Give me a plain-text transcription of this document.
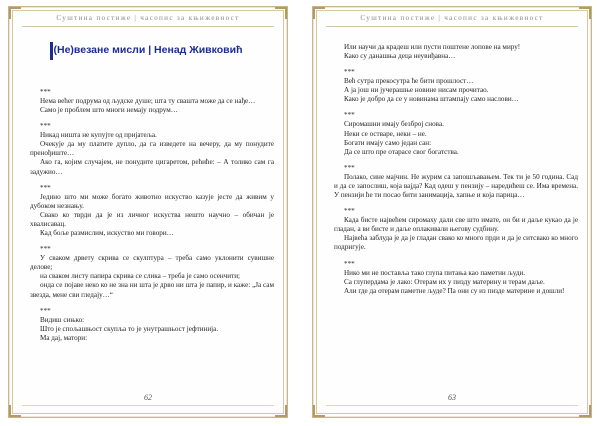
Суштина постиже | часопис за књижевност
(Не)везане мисли | Ненад Живковић

***

Нема већег подрума од људске душе; шта ту свашта може да се нађе…

Само је проблем што многи немају подрум…

***

Никад ништа не купујте од пријатеља.

Очекује да му платите дупло, да га изведете на вечеру, да му понудите пренођиште…

Ако га, којим случајем, не понудите цигаретом, рећиће: – А толико сам га задужио…

***

Једино што ми може богато животно искуство казује јесте да живим у дубоком незнању.

Свако ко тврди да је из личног искуства нешто научно – обичан је хвалисавац.

Кад боље размислим, искуство ми говори…

***

У сваком дрвету скрива се скулптура – треба само уклонити сувишне делове;

на сваком листу папира скрива се слика – треба је само осенчити;

онда се појаве неко ко не зна ни шта је дрво ни шта је папир, и каже: „Ја сам звезда, мене сви гледају…“

***

Видиш сињко:

Што је спољашњост скупља то је унутрашњост јефтинија.

Ма дај, матори:

62
Суштина постиже | часопис за књижевност

Или научи да крадеш или пусти поштене лопове на миру!

Како су данашња деца неувиђавна…

***

Већ сутра прекосутра ће бити прошлост…

А ја још ни јучерашње новине нисам прочитао.

Како је добро да се у новинама штампају само наслови…

***

Сиромашни имају безброј снова.

Неки се остваре, неки – не.

Богати имају само један сан:

Да се што пре отарасе свог богатства.

***

Полако, сине мајчин. Не журим са запошљавањем. Тек ти је 50 година. Сад и да се запослиш, која вајда? Кад одеш у пензију – наредићеш се. Има времена. У пензији ће ти посао бити занимација, хапње и која парица…

***

Када бисте највећем сиромаху дали све што имате, он би и даље кукао да је гладан, а ви бисте и даље оплакивали његову судбину.

Највећа заблуда је да је гладан свако ко много прди и да је ситсвако ко много подригује.

***

Нико ми не поставља тако глупа питања као паметни људи.

Са глупердама је лако: Отерам их у пизду материну и терам даље.

Али где да отерам паметне људе? Па они су из пизде материне и дошли!

63
